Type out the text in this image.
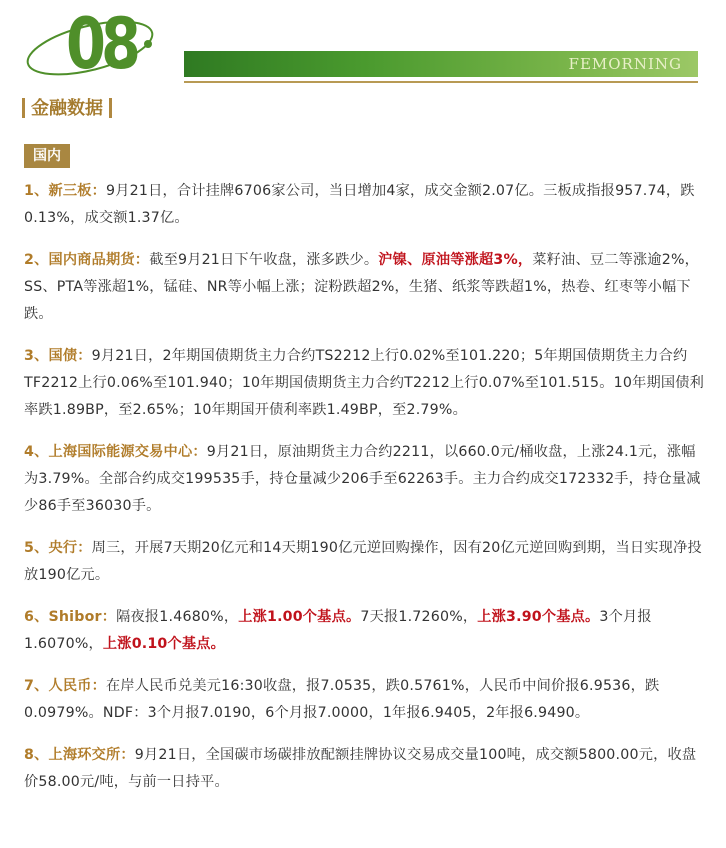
08	FEMORNING
金融数据
国内

1、新三板：9月21日，合计挂牌6706家公司，当日增加4家，成交金额2.07亿。三板成指报957.74，跌0.13%，成交额1.37亿。

2、国内商品期货：截至9月21日下午收盘，涨多跌少。沪镍、原油等涨超3%，菜籽油、豆二等涨逾2%，SS、PTA等涨超1%，锰硅、NR等小幅上涨；淀粉跌超2%，生猪、纸浆等跌超1%，热卷、红枣等小幅下跌。

3、国债：9月21日，2年期国债期货主力合约TS2212上行0.02%至101.220；5年期国债期货主力合约TF2212上行0.06%至101.940；10年期国债期货主力合约T2212上行0.07%至101.515。10年期国债利率跌1.89BP，至2.65%；10年期国开债利率跌1.49BP，至2.79%。

4、上海国际能源交易中心：9月21日，原油期货主力合约2211，以660.0元/桶收盘，上涨24.1元，涨幅为3.79%。全部合约成交199535手，持仓量减少206手至62263手。主力合约成交172332手，持仓量减少86手至36030手。

5、央行：周三，开展7天期20亿元和14天期190亿元逆回购操作，因有20亿元逆回购到期，当日实现净投放190亿元。

6、Shibor：隔夜报1.4680%，上涨1.00个基点。7天报1.7260%，上涨3.90个基点。3个月报1.6070%，上涨0.10个基点。

7、人民币：在岸人民币兑美元16:30收盘，报7.0535，跌0.5761%，人民币中间价报6.9536，跌0.0979%。NDF：3个月报7.0190，6个月报7.0000，1年报6.9405，2年报6.9490。

8、上海环交所：9月21日，全国碳市场碳排放配额挂牌协议交易成交量100吨，成交额5800.00元，收盘价58.00元/吨，与前一日持平。
